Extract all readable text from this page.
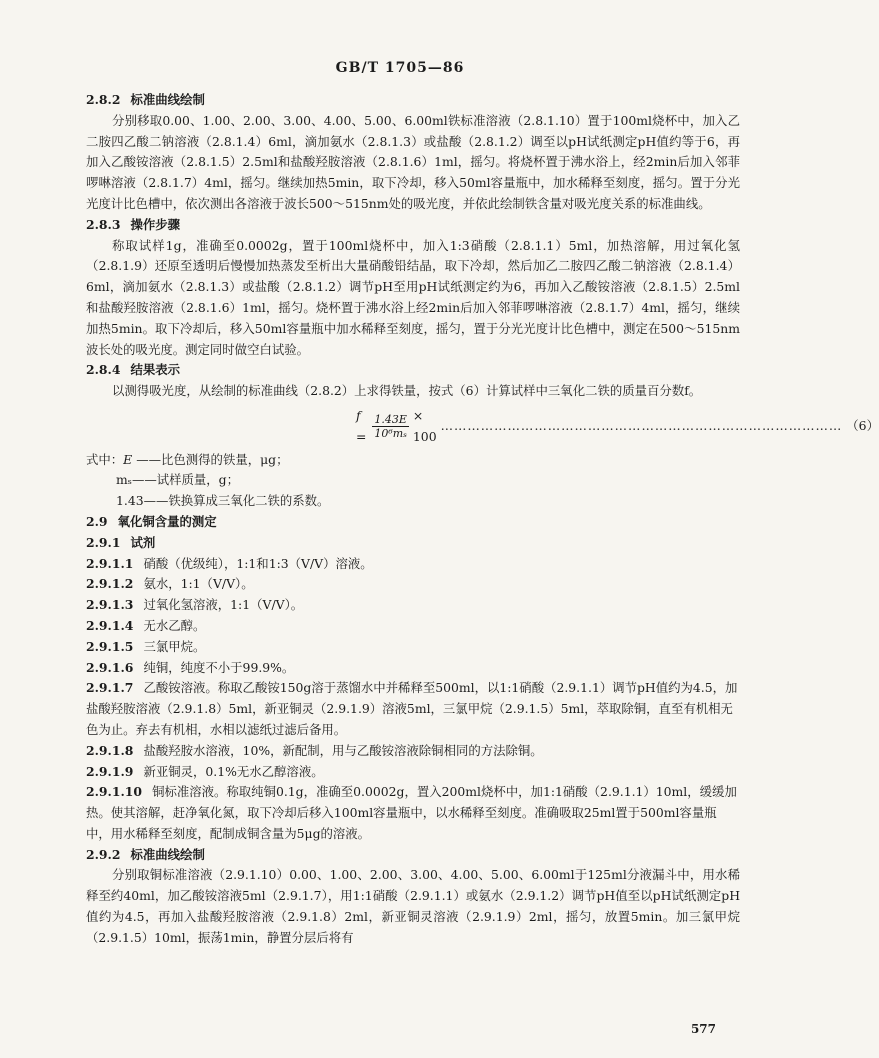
GB/T 1705—86

2.8.2 标准曲线绘制

分别移取0.00、1.00、2.00、3.00、4.00、5.00、6.00ml铁标准溶液（2.8.1.10）置于100ml烧杯中，加入乙二胺四乙酸二钠溶液（2.8.1.4）6ml，滴加氨水（2.8.1.3）或盐酸（2.8.1.2）调至以pH试纸测定pH值约等于6，再加入乙酸铵溶液（2.8.1.5）2.5ml和盐酸羟胺溶液（2.8.1.6）1ml，摇匀。将烧杯置于沸水浴上，经2min后加入邻菲啰啉溶液（2.8.1.7）4ml，摇匀。继续加热5min，取下冷却，移入50ml容量瓶中，加水稀释至刻度，摇匀。置于分光光度计比色槽中，依次测出各溶液于波长500～515nm处的吸光度，并依此绘制铁含量对吸光度关系的标准曲线。

2.8.3 操作步骤

称取试样1g，准确至0.0002g，置于100ml烧杯中，加入1:3硝酸（2.8.1.1）5ml，加热溶解，用过氧化氢（2.8.1.9）还原至透明后慢慢加热蒸发至析出大量硝酸铅结晶，取下冷却，然后加乙二胺四乙酸二钠溶液（2.8.1.4）6ml，滴加氨水（2.8.1.3）或盐酸（2.8.1.2）调节pH至用pH试纸测定约为6，再加入乙酸铵溶液（2.8.1.5）2.5ml和盐酸羟胺溶液（2.8.1.6）1ml，摇匀。烧杯置于沸水浴上经2min后加入邻菲啰啉溶液（2.8.1.7）4ml，摇匀，继续加热5min。取下冷却后，移入50ml容量瓶中加水稀释至刻度，摇匀，置于分光光度计比色槽中，测定在500～515nm波长处的吸光度。测定同时做空白试验。

2.8.4 结果表示

以测得吸光度，从绘制的标准曲线（2.8.2）上求得铁量，按式（6）计算试样中三氧化二铁的质量百分数f。

$f = \frac{1.43E}{\text{10⁶mₛ}} \times 100$
……………………………………………………………………………… （6）

式中：E ——比色测得的铁量，μg；

mₛ——试样质量，g；

1.43——铁换算成三氧化二铁的系数。

2.9 氧化铜含量的测定

2.9.1 试剂

2.9.1.1 硝酸（优级纯），1:1和1:3（V/V）溶液。

2.9.1.2 氨水，1:1（V/V）。

2.9.1.3 过氧化氢溶液，1:1（V/V）。

2.9.1.4 无水乙醇。

2.9.1.5 三氯甲烷。

2.9.1.6 纯铜，纯度不小于99.9%。

2.9.1.7 乙酸铵溶液。称取乙酸铵150g溶于蒸馏水中并稀释至500ml，以1:1硝酸（2.9.1.1）调节pH值约为4.5，加盐酸羟胺溶液（2.9.1.8）5ml，新亚铜灵（2.9.1.9）溶液5ml，三氯甲烷（2.9.1.5）5ml，萃取除铜，直至有机相无色为止。弃去有机相，水相以滤纸过滤后备用。

2.9.1.8 盐酸羟胺水溶液，10%，新配制，用与乙酸铵溶液除铜相同的方法除铜。

2.9.1.9 新亚铜灵，0.1%无水乙醇溶液。

2.9.1.10 铜标准溶液。称取纯铜0.1g，准确至0.0002g，置入200ml烧杯中，加1:1硝酸（2.9.1.1）10ml，缓缓加热。使其溶解，赶净氧化氮，取下冷却后移入100ml容量瓶中，以水稀释至刻度。准确吸取25ml置于500ml容量瓶中，用水稀释至刻度，配制成铜含量为5μg的溶液。

2.9.2 标准曲线绘制

分别取铜标准溶液（2.9.1.10）0.00、1.00、2.00、3.00、4.00、5.00、6.00ml于125ml分液漏斗中，用水稀释至约40ml，加乙酸铵溶液5ml（2.9.1.7），用1:1硝酸（2.9.1.1）或氨水（2.9.1.2）调节pH值至以pH试纸测定pH值约为4.5，再加入盐酸羟胺溶液（2.9.1.8）2ml，新亚铜灵溶液（2.9.1.9）2ml，摇匀，放置5min。加三氯甲烷（2.9.1.5）10ml，振荡1min，静置分层后将有

577
